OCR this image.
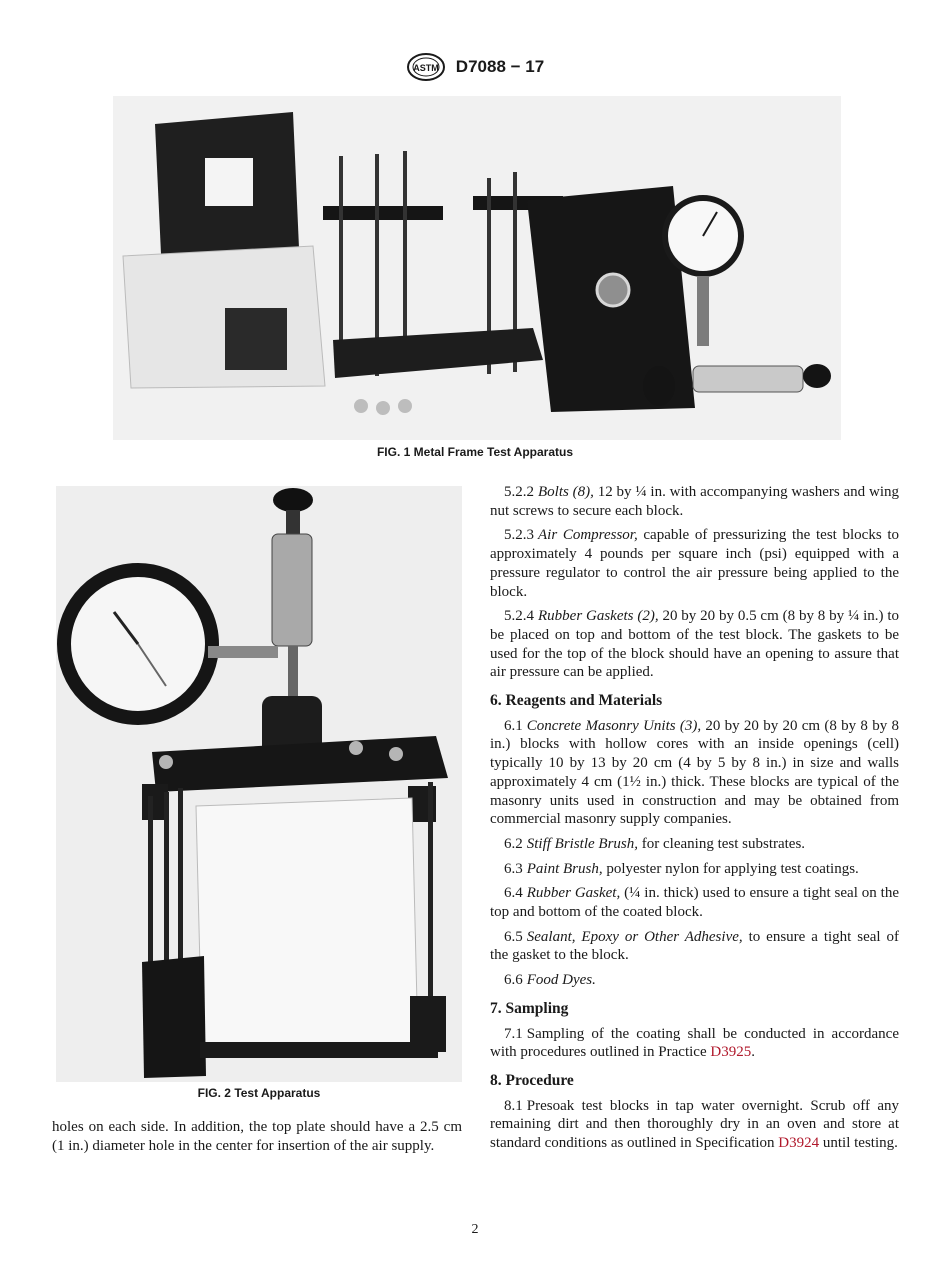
ASTM D7088 − 17
FIG. 1 Metal Frame Test Apparatus
FIG. 2 Test Apparatus
holes on each side. In addition, the top plate should have a 2.5 cm (1 in.) diameter hole in the center for insertion of the air supply.

5.2.2 Bolts (8), 12 by ¼ in. with accompanying washers and wing nut screws to secure each block.

5.2.3 Air Compressor, capable of pressurizing the test blocks to approximately 4 pounds per square inch (psi) equipped with a pressure regulator to control the air pressure being applied to the block.

5.2.4 Rubber Gaskets (2), 20 by 20 by 0.5 cm (8 by 8 by ¼ in.) to be placed on top and bottom of the test block. The gaskets to be used for the top of the block should have an opening to assure that air pressure can be applied.

6. Reagents and Materials

6.1 Concrete Masonry Units (3), 20 by 20 by 20 cm (8 by 8 by 8 in.) blocks with hollow cores with an inside openings (cell) typically 10 by 13 by 20 cm (4 by 5 by 8 in.) in size and walls approximately 4 cm (1½ in.) thick. These blocks are typical of the masonry units used in construction and may be obtained from commercial masonry supply companies.

6.2 Stiff Bristle Brush, for cleaning test substrates.

6.3 Paint Brush, polyester nylon for applying test coatings.

6.4 Rubber Gasket, (¼ in. thick) used to ensure a tight seal on the top and bottom of the coated block.

6.5 Sealant, Epoxy or Other Adhesive, to ensure a tight seal of the gasket to the block.

6.6 Food Dyes.

7. Sampling

7.1 Sampling of the coating shall be conducted in accordance with procedures outlined in Practice D3925.

8. Procedure

8.1 Presoak test blocks in tap water overnight. Scrub off any remaining dirt and then thoroughly dry in an oven and store at standard conditions as outlined in Specification D3924 until testing.

2
